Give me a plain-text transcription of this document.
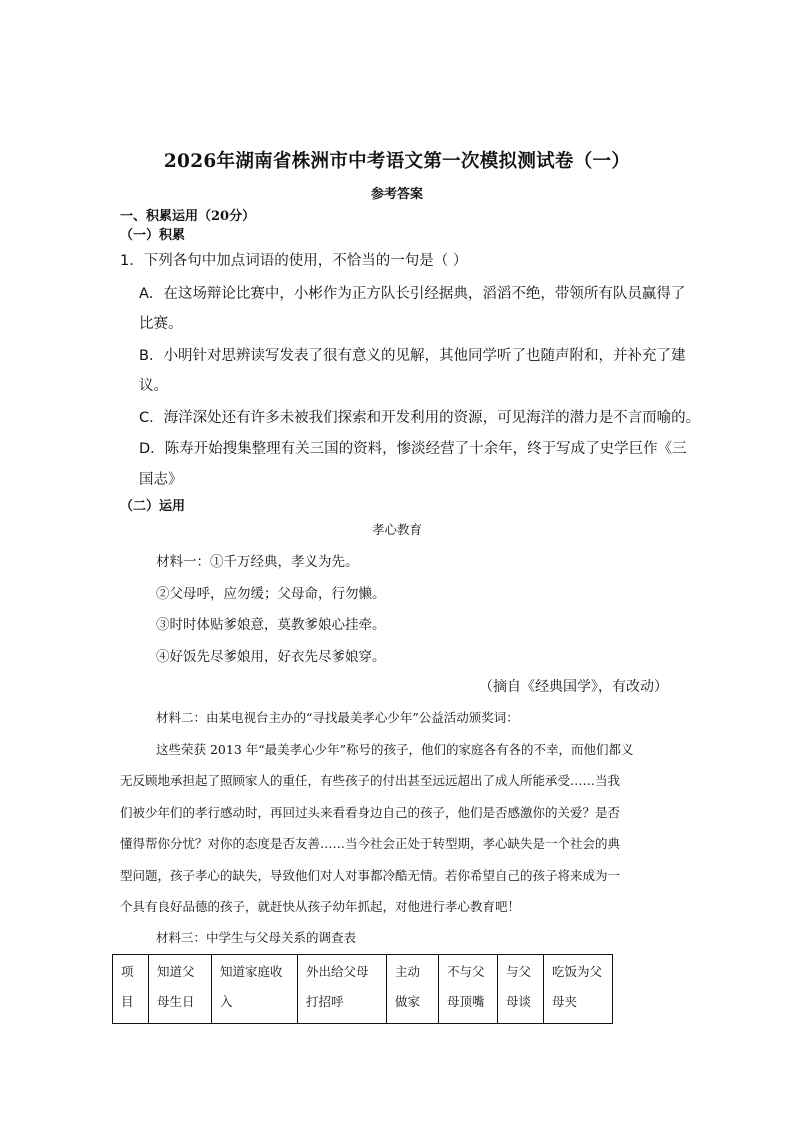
2026年湖南省株洲市中考语文第一次模拟测试卷（一）
参考答案
一、积累运用（20分）
（一）积累
1．下列各句中加点词语的使用，不恰当的一句是（ ）
A．在这场辩论比赛中，小彬作为正方队长引经据典，滔滔不绝，带领所有队员赢得了
比赛。
B．小明针对思辨读写发表了很有意义的见解，其他同学听了也随声附和，并补充了建
议。
C．海洋深处还有许多未被我们探索和开发利用的资源，可见海洋的潜力是不言而喻的。
D．陈寿开始搜集整理有关三国的资料，惨淡经营了十余年，终于写成了史学巨作《三
国志》
（二）运用
孝心教育
材料一：①千万经典，孝义为先。
②父母呼，应勿缓；父母命，行勿懒。
③时时体贴爹娘意，莫教爹娘心挂牵。
④好饭先尽爹娘用，好衣先尽爹娘穿。
（摘自《经典国学》，有改动）
材料二：由某电视台主办的“寻找最美孝心少年”公益活动颁奖词：
这些荣获 2013 年“最美孝心少年”称号的孩子，他们的家庭各有各的不幸，而他们都义
无反顾地承担起了照顾家人的重任，有些孩子的付出甚至远远超出了成人所能承受……当我
们被少年们的孝行感动时，再回过头来看看身边自己的孩子，他们是否感激你的关爱？是否
懂得帮你分忧？对你的态度是否友善……当今社会正处于转型期，孝心缺失是一个社会的典
型问题，孩子孝心的缺失，导致他们对人对事都冷酷无情。若你希望自己的孩子将来成为一
个具有良好品德的孩子，就赶快从孩子幼年抓起，对他进行孝心教育吧！
材料三：中学生与父母关系的调查表
项目	知道父母生日	知道家庭收入	外出给父母打招呼	主动做家	不与父母顶嘴	与父母谈	吃饭为父母夹
